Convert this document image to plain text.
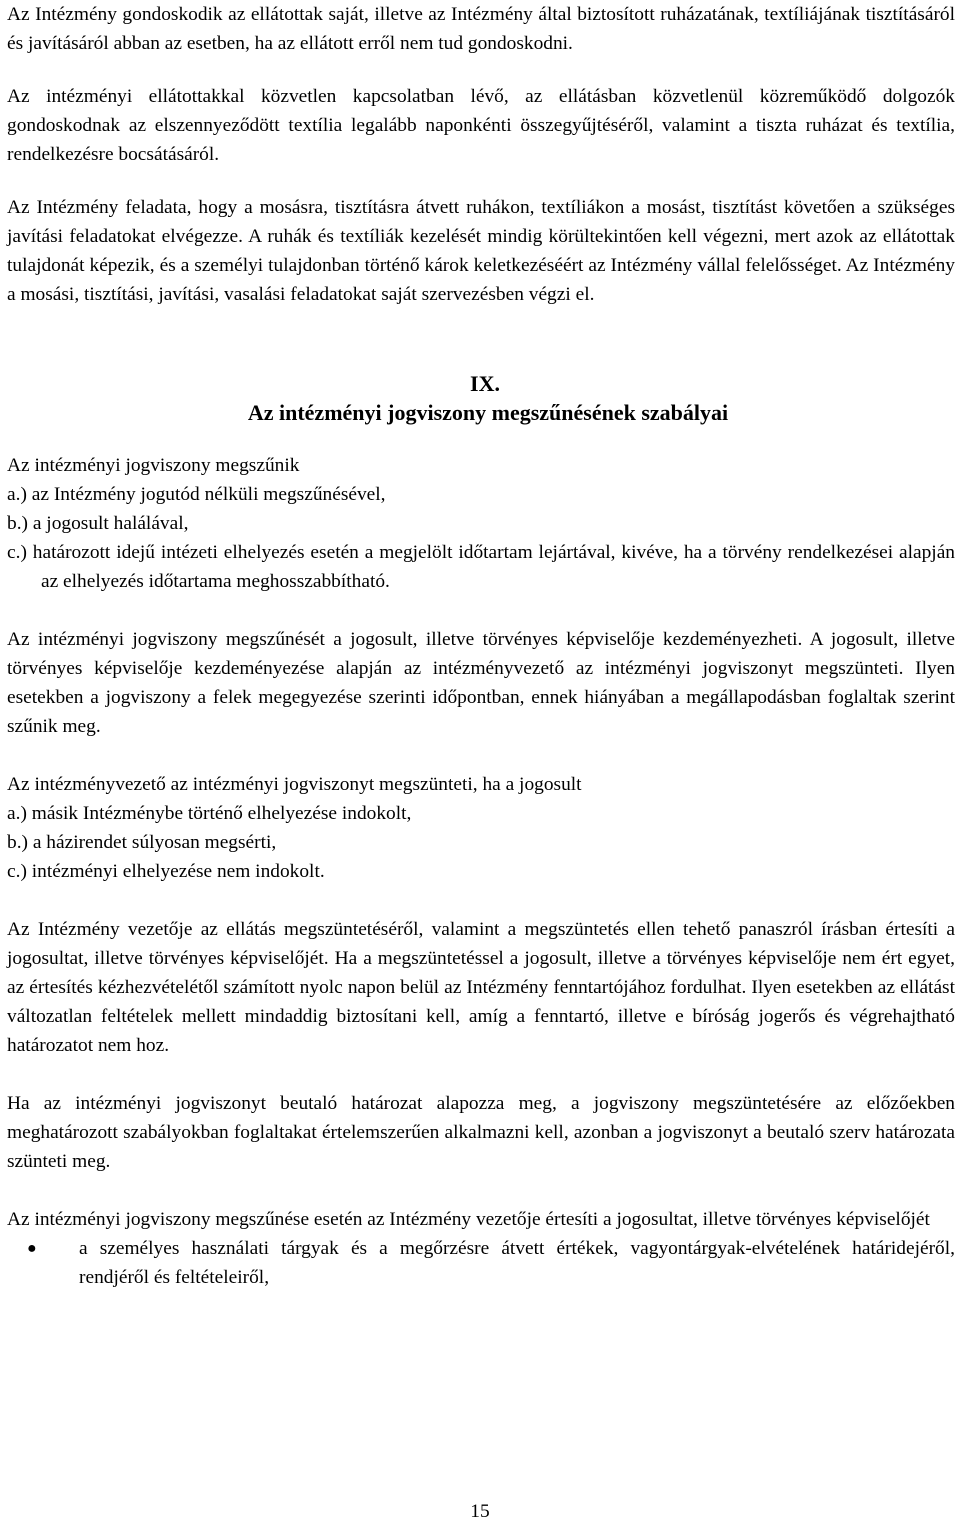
Az Intézmény gondoskodik az ellátottak saját, illetve az Intézmény által biztosított ruházatának, textíliájának tisztításáról és javításáról abban az esetben, ha az ellátott erről nem tud gondoskodni.

Az intézményi ellátottakkal közvetlen kapcsolatban lévő, az ellátásban közvetlenül közreműködő dolgozók gondoskodnak az elszennyeződött textília legalább naponkénti összegyűjtéséről, valamint a tiszta ruházat és textília, rendelkezésre bocsátásáról.

Az Intézmény feladata, hogy a mosásra, tisztításra átvett ruhákon, textíliákon a mosást, tisztítást követően a szükséges javítási feladatokat elvégezze. A ruhák és textíliák kezelését mindig körültekintően kell végezni, mert azok az ellátottak tulajdonát képezik, és a személyi tulajdonban történő károk keletkezéséért az Intézmény vállal felelősséget. Az Intézmény a mosási, tisztítási, javítási, vasalási feladatokat saját szervezésben végzi el.

IX.

Az intézményi jogviszony megszűnésének szabályai

Az intézményi jogviszony megszűnik

a.) az Intézmény jogutód nélküli megszűnésével,

b.) a jogosult halálával,

c.) határozott idejű intézeti elhelyezés esetén a megjelölt időtartam lejártával, kivéve, ha a törvény rendelkezései alapján az elhelyezés időtartama meghosszabbítható.

Az intézményi jogviszony megszűnését a jogosult, illetve törvényes képviselője kezdeményezheti. A jogosult, illetve törvényes képviselője kezdeményezése alapján az intézményvezető az intézményi jogviszonyt megszünteti. Ilyen esetekben a jogviszony a felek megegyezése szerinti időpontban, ennek hiányában a megállapodásban foglaltak szerint szűnik meg.

Az intézményvezető az intézményi jogviszonyt megszünteti, ha a jogosult

a.) másik Intézménybe történő elhelyezése indokolt,

b.) a házirendet súlyosan megsérti,

c.) intézményi elhelyezése nem indokolt.

Az Intézmény vezetője az ellátás megszüntetéséről, valamint a megszüntetés ellen tehető panaszról írásban értesíti a jogosultat, illetve törvényes képviselőjét. Ha a megszüntetéssel a jogosult, illetve a törvényes képviselője nem ért egyet, az értesítés kézhezvételétől számított nyolc napon belül az Intézmény fenntartójához fordulhat. Ilyen esetekben az ellátást változatlan feltételek mellett mindaddig biztosítani kell, amíg a fenntartó, illetve e bíróság jogerős és végrehajtható határozatot nem hoz.

Ha az intézményi jogviszonyt beutaló határozat alapozza meg, a jogviszony megszüntetésére az előzőekben meghatározott szabályokban foglaltakat értelemszerűen alkalmazni kell, azonban a jogviszonyt a beutaló szerv határozata szünteti meg.

Az intézményi jogviszony megszűnése esetén az Intézmény vezetője értesíti a jogosultat, illetve törvényes képviselőjét

●	a személyes használati tárgyak és a megőrzésre átvett értékek, vagyontárgyak-elvételének határidejéről, rendjéről és feltételeiről,
15
